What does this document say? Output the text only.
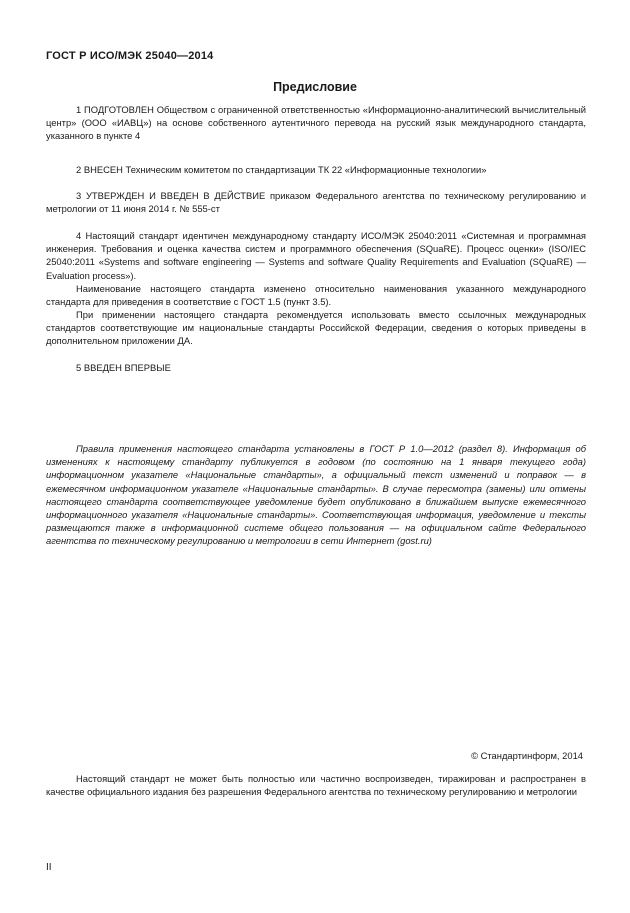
ГОСТ Р ИСО/МЭК 25040—2014
Предисловие

1 ПОДГОТОВЛЕН Обществом с ограниченной ответственностью «Информационно-аналитический вычислительный центр» (ООО «ИАВЦ») на основе собственного аутентичного перевода на русский язык международного стандарта, указанного в пункте 4

2 ВНЕСЕН Техническим комитетом по стандартизации ТК 22 «Информационные технологии»

3 УТВЕРЖДЕН И ВВЕДЕН В ДЕЙСТВИЕ приказом Федерального агентства по техническому регулированию и метрологии от 11 июня 2014 г. № 555-ст

4 Настоящий стандарт идентичен международному стандарту ИСО/МЭК 25040:2011 «Системная и программная инженерия. Требования и оценка качества систем и программного обеспечения (SQuaRE). Процесс оценки» (ISO/IEC 25040:2011 «Systems and software engineering — Systems and software Quality Requirements and Evaluation (SQuaRE) — Evaluation process»).

Наименование настоящего стандарта изменено относительно наименования указанного международного стандарта для приведения в соответствие с ГОСТ 1.5 (пункт 3.5).

При применении настоящего стандарта рекомендуется использовать вместо ссылочных международных стандартов соответствующие им национальные стандарты Российской Федерации, сведения о которых приведены в дополнительном приложении ДА.

5 ВВЕДЕН ВПЕРВЫЕ

Правила применения настоящего стандарта установлены в ГОСТ Р 1.0—2012 (раздел 8). Информация об изменениях к настоящему стандарту публикуется в годовом (по состоянию на 1 января текущего года) информационном указателе «Национальные стандарты», а официальный текст изменений и поправок — в ежемесячном информационном указателе «Национальные стандарты». В случае пересмотра (замены) или отмены настоящего стандарта соответствующее уведомление будет опубликовано в ближайшем выпуске ежемесячного информационного указателя «Национальные стандарты». Соответствующая информация, уведомление и тексты размещаются также в информационной системе общего пользования — на официальном сайте Федерального агентства по техническому регулированию и метрологии в сети Интернет (gost.ru)

© Стандартинформ, 2014

Настоящий стандарт не может быть полностью или частично воспроизведен, тиражирован и распространен в качестве официального издания без разрешения Федерального агентства по техническому регулированию и метрологии

II
